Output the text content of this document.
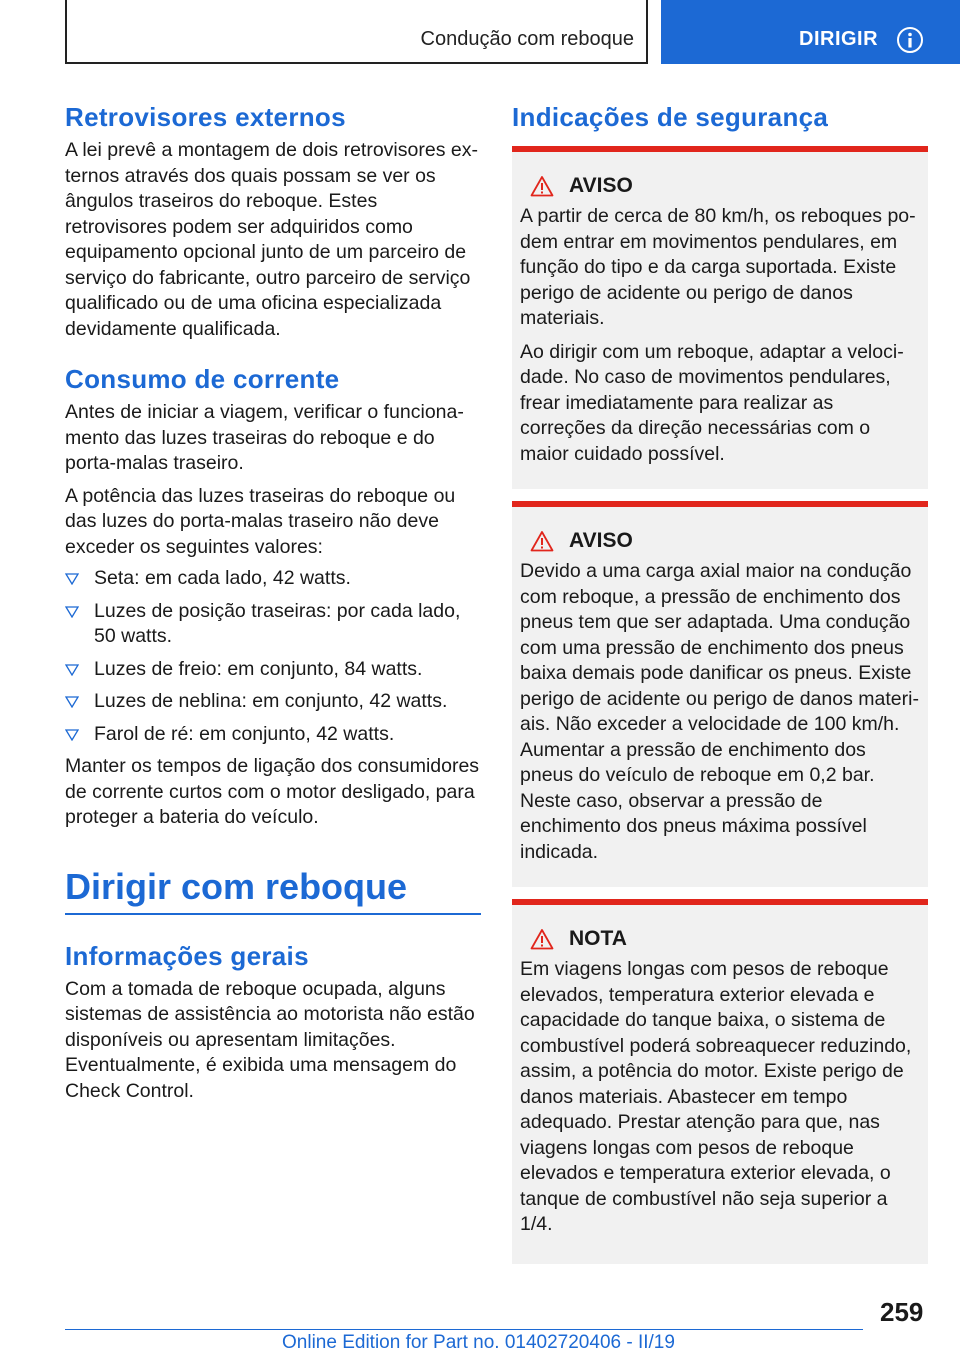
Condução com reboque	DIRIGIR
Retrovisores externos

A lei prevê a montagem de dois retrovisores externos através dos quais possam se ver os ângulos traseiros do reboque. Estes retrovisores podem ser adquiridos como equipamento opcional junto de um parceiro de serviço do fabricante, outro parceiro de serviço qualificado ou de uma oficina especializada devidamente qualificada.

Consumo de corrente

Antes de iniciar a viagem, verificar o funcionamento das luzes traseiras do reboque e do porta-malas traseiro.

A potência das luzes traseiras do reboque ou das luzes do porta-malas traseiro não deve exceder os seguintes valores:

Seta: em cada lado, 42 watts.
Luzes de posição traseiras: por cada lado, 50 watts.
Luzes de freio: em conjunto, 84 watts.
Luzes de neblina: em conjunto, 42 watts.
Farol de ré: em conjunto, 42 watts.

Manter os tempos de ligação dos consumidores de corrente curtos com o motor desligado, para proteger a bateria do veículo.

Dirigir com reboque
Informações gerais

Com a tomada de reboque ocupada, alguns sistemas de assistência ao motorista não estão disponíveis ou apresentam limitações. Eventualmente, é exibida uma mensagem do Check Control.

Indicações de segurança
AVISO

A partir de cerca de 80 km/h, os reboques podem entrar em movimentos pendulares, em função do tipo e da carga suportada. Existe perigo de acidente ou perigo de danos materiais.

Ao dirigir com um reboque, adaptar a velocidade. No caso de movimentos pendulares, frear imediatamente para realizar as correções da direção necessárias com o maior cuidado possível.

AVISO

Devido a uma carga axial maior na condução com reboque, a pressão de enchimento dos pneus tem que ser adaptada. Uma condução com uma pressão de enchimento dos pneus baixa demais pode danificar os pneus. Existe perigo de acidente ou perigo de danos materiais. Não exceder a velocidade de 100 km/h. Aumentar a pressão de enchimento dos pneus do veículo de reboque em 0,2 bar. Neste caso, observar a pressão de enchimento dos pneus máxima possível indicada.

NOTA

Em viagens longas com pesos de reboque elevados, temperatura exterior elevada e capacidade do tanque baixa, o sistema de combustível poderá sobreaquecer reduzindo, assim, a potência do motor. Existe perigo de danos materiais. Abastecer em tempo adequado. Prestar atenção para que, nas viagens longas com pesos de reboque elevados e temperatura exterior elevada, o tanque de combustível não seja superior a 1/4.

259
Online Edition for Part no. 01402720406 - II/19
